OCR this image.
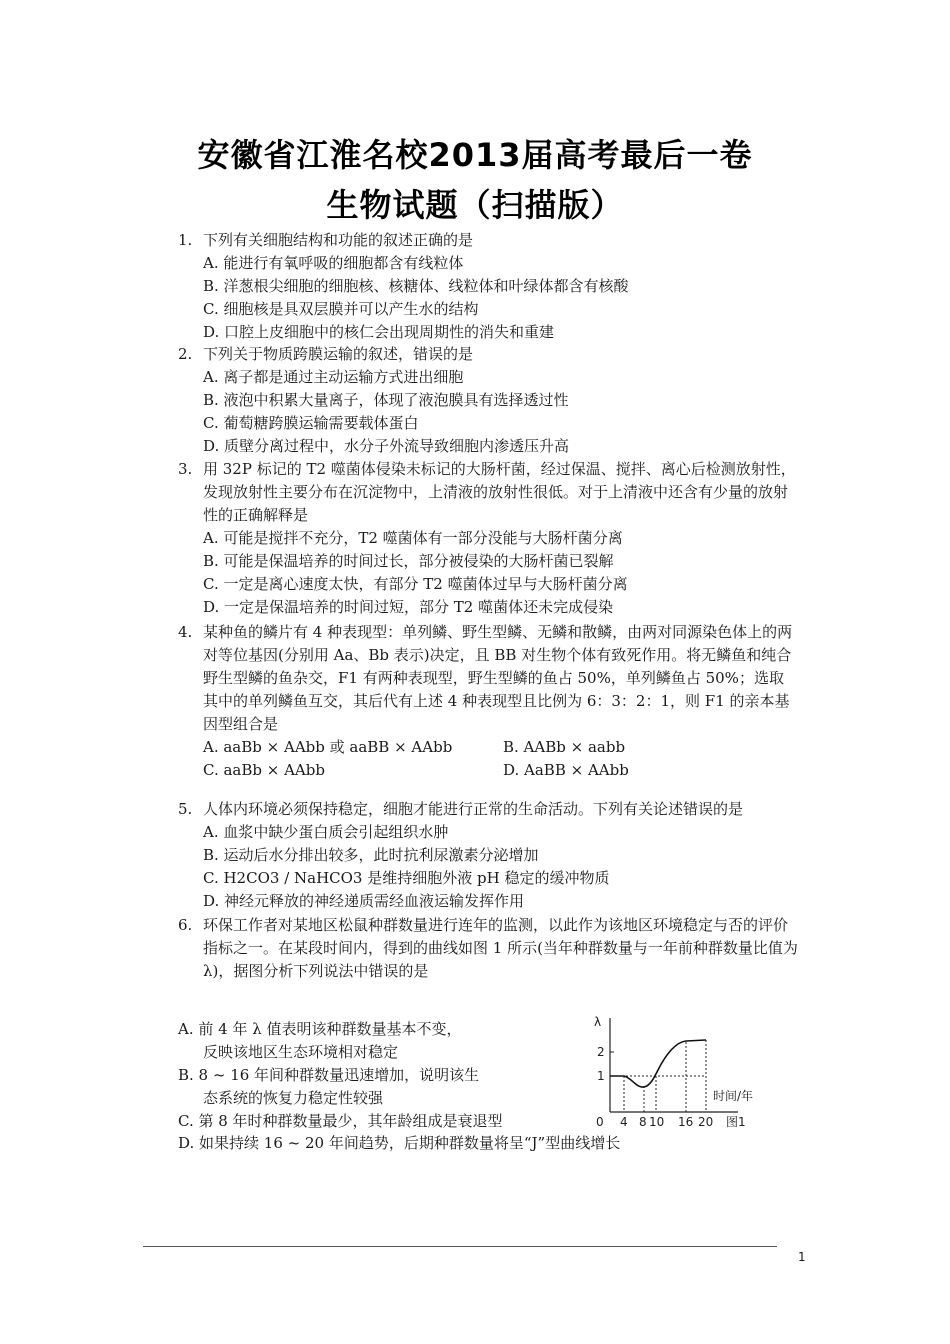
安徽省江淮名校2013届高考最后一卷
生物试题（扫描版）
1. 下列有关细胞结构和功能的叙述正确的是
A. 能进行有氧呼吸的细胞都含有线粒体
B. 洋葱根尖细胞的细胞核、核糖体、线粒体和叶绿体都含有核酸
C. 细胞核是具双层膜并可以产生水的结构
D. 口腔上皮细胞中的核仁会出现周期性的消失和重建
2. 下列关于物质跨膜运输的叙述，错误的是
A. 离子都是通过主动运输方式进出细胞
B. 液泡中积累大量离子，体现了液泡膜具有选择透过性
C. 葡萄糖跨膜运输需要载体蛋白
D. 质壁分离过程中，水分子外流导致细胞内渗透压升高
3. 用 32P 标记的 T2 噬菌体侵染未标记的大肠杆菌，经过保温、搅拌、离心后检测放射性，发现放射性主要分布在沉淀物中，上清液的放射性很低。对于上清液中还含有少量的放射性的正确解释是
A. 可能是搅拌不充分，T2 噬菌体有一部分没能与大肠杆菌分离
B. 可能是保温培养的时间过长，部分被侵染的大肠杆菌已裂解
C. 一定是离心速度太快，有部分 T2 噬菌体过早与大肠杆菌分离
D. 一定是保温培养的时间过短，部分 T2 噬菌体还未完成侵染
4. 某种鱼的鳞片有 4 种表现型：单列鳞、野生型鳞、无鳞和散鳞，由两对同源染色体上的两对等位基因(分别用 Aa、Bb 表示)决定，且 BB 对生物个体有致死作用。将无鳞鱼和纯合野生型鳞的鱼杂交，F1 有两种表现型，野生型鳞的鱼占 50%，单列鳞鱼占 50%；选取其中的单列鳞鱼互交，其后代有上述 4 种表现型且比例为 6：3：2：1，则 F1 的亲本基因型组合是
A. aaBb × AAbb 或 aaBB × AAbb	B. AABb × aabb
C. aaBb × AAbb	D. AaBB × AAbb
5. 人体内环境必须保持稳定，细胞才能进行正常的生命活动。下列有关论述错误的是
A. 血浆中缺少蛋白质会引起组织水肿
B. 运动后水分排出较多，此时抗利尿激素分泌增加
C. H2CO3 / NaHCO3 是维持细胞外液 pH 稳定的缓冲物质
D. 神经元释放的神经递质需经血液运输发挥作用
6. 环保工作者对某地区松鼠种群数量进行连年的监测，以此作为该地区环境稳定与否的评价指标之一。在某段时间内，得到的曲线如图 1 所示(当年种群数量与一年前种群数量比值为 λ)，据图分析下列说法中错误的是
A. 前 4 年 λ 值表明该种群数量基本不变，
反映该地区生态环境相对稳定
B. 8 ~ 16 年间种群数量迅速增加，说明该生
态系统的恢复力稳定性较强
C. 第 8 年时种群数量最少，其年龄组成是衰退型
D. 如果持续 16 ~ 20 年间趋势，后期种群数量将呈“J”型曲线增长
λ
2
1
0
时间/年
4 8 10 16 20 图1
1
